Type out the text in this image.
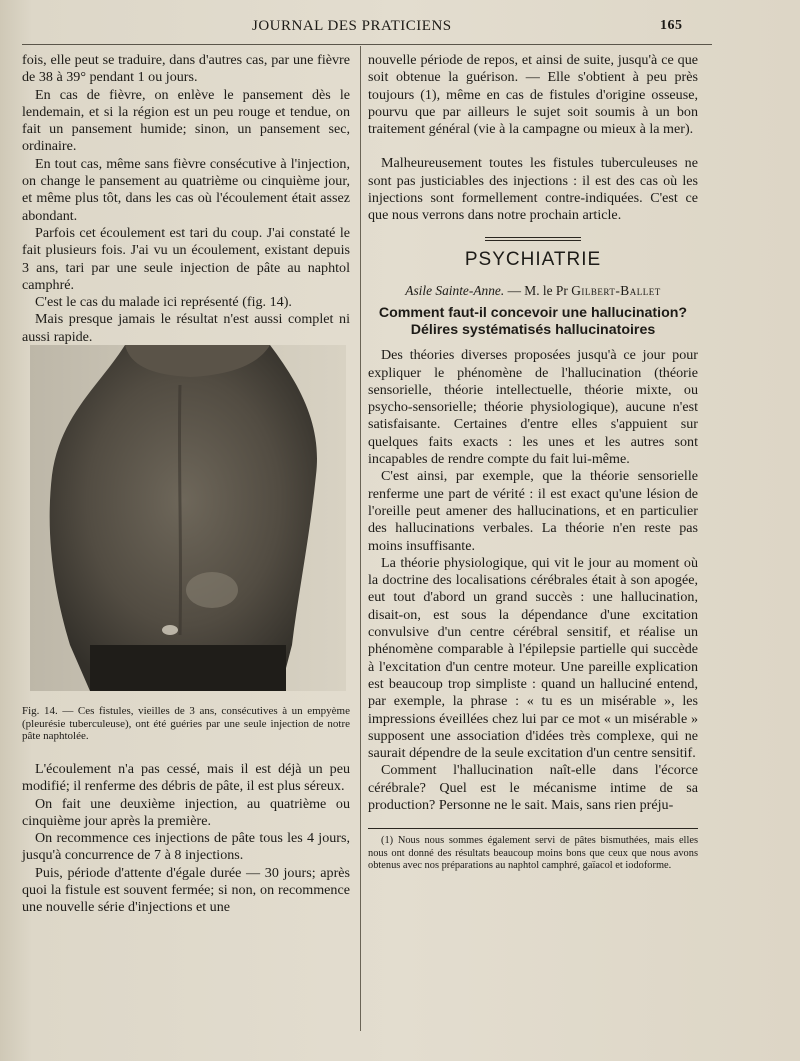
JOURNAL DES PRATICIENS	165

fois, elle peut se traduire, dans d'autres cas, par une fièvre de 38 à 39° pendant 1 ou jours.

En cas de fièvre, on enlève le pansement dès le lendemain, et si la région est un peu rouge et tendue, on fait un pansement humide; sinon, un pansement sec, ordinaire.

En tout cas, même sans fièvre consécutive à l'injection, on change le pansement au quatrième ou cinquième jour, et même plus tôt, dans les cas où l'écoulement était assez abondant.

Parfois cet écoulement est tari du coup. J'ai constaté le fait plusieurs fois. J'ai vu un écoulement, existant depuis 3 ans, tari par une seule injection de pâte au naphtol camphré.

C'est le cas du malade ici représenté (fig. 14).

Mais presque jamais le résultat n'est aussi complet ni aussi rapide.

Fig. 14. — Ces fistules, vieilles de 3 ans, consécutives à un empyème (pleurésie tuberculeuse), ont été guéries par une seule injection de notre pâte naphtolée.

L'écoulement n'a pas cessé, mais il est déjà un peu modifié; il renferme des débris de pâte, il est plus séreux.

On fait une deuxième injection, au quatrième ou cinquième jour après la première.

On recommence ces injections de pâte tous les 4 jours, jusqu'à concurrence de 7 à 8 injections.

Puis, période d'attente d'égale durée — 30 jours; après quoi la fistule est souvent fermée; si non, on recommence une nouvelle série d'injections et une

nouvelle période de repos, et ainsi de suite, jusqu'à ce que soit obtenue la guérison. — Elle s'obtient à peu près toujours (1), même en cas de fistules d'origine osseuse, pourvu que par ailleurs le sujet soit soumis à un bon traitement général (vie à la campagne ou mieux à la mer).

Malheureusement toutes les fistules tuberculeuses ne sont pas justiciables des injections : il est des cas où les injections sont formellement contre-indiquées. C'est ce que nous verrons dans notre prochain article.

PSYCHIATRIE
Asile Sainte-Anne. — M. le Pr Gilbert-Ballet
Comment faut-il concevoir une hallucination?
Délires systématisés hallucinatoires

Des théories diverses proposées jusqu'à ce jour pour expliquer le phénomène de l'hallucination (théorie sensorielle, théorie intellectuelle, théorie mixte, ou psycho-sensorielle; théorie physiologique), aucune n'est satisfaisante. Certaines d'entre elles s'appuient sur quelques faits exacts : les unes et les autres sont incapables de rendre compte du fait lui-même.

C'est ainsi, par exemple, que la théorie sensorielle renferme une part de vérité : il est exact qu'une lésion de l'oreille peut amener des hallucinations, et en particulier des hallucinations verbales. La théorie n'en reste pas moins insuffisante.

La théorie physiologique, qui vit le jour au moment où la doctrine des localisations cérébrales était à son apogée, eut tout d'abord un grand succès : une hallucination, disait-on, est sous la dépendance d'une excitation convulsive d'un centre cérébral sensitif, et réalise un phénomène comparable à l'épilepsie partielle qui succède à l'excitation d'un centre moteur. Une pareille explication est beaucoup trop simpliste : quand un halluciné entend, par exemple, la phrase : « tu es un misérable », les impressions éveillées chez lui par ce mot « un misérable » supposent une association d'idées très complexe, qui ne saurait dépendre de la seule excitation d'un centre sensitif.

Comment l'hallucination naît-elle dans l'écorce cérébrale? Quel est le mécanisme intime de sa production? Personne ne le sait. Mais, sans rien préju-

(1) Nous nous sommes également servi de pâtes bismuthées, mais elles nous ont donné des résultats beaucoup moins bons que ceux que nous avons obtenus avec nos préparations au naphtol camphré, gaïacol et iodoforme.
